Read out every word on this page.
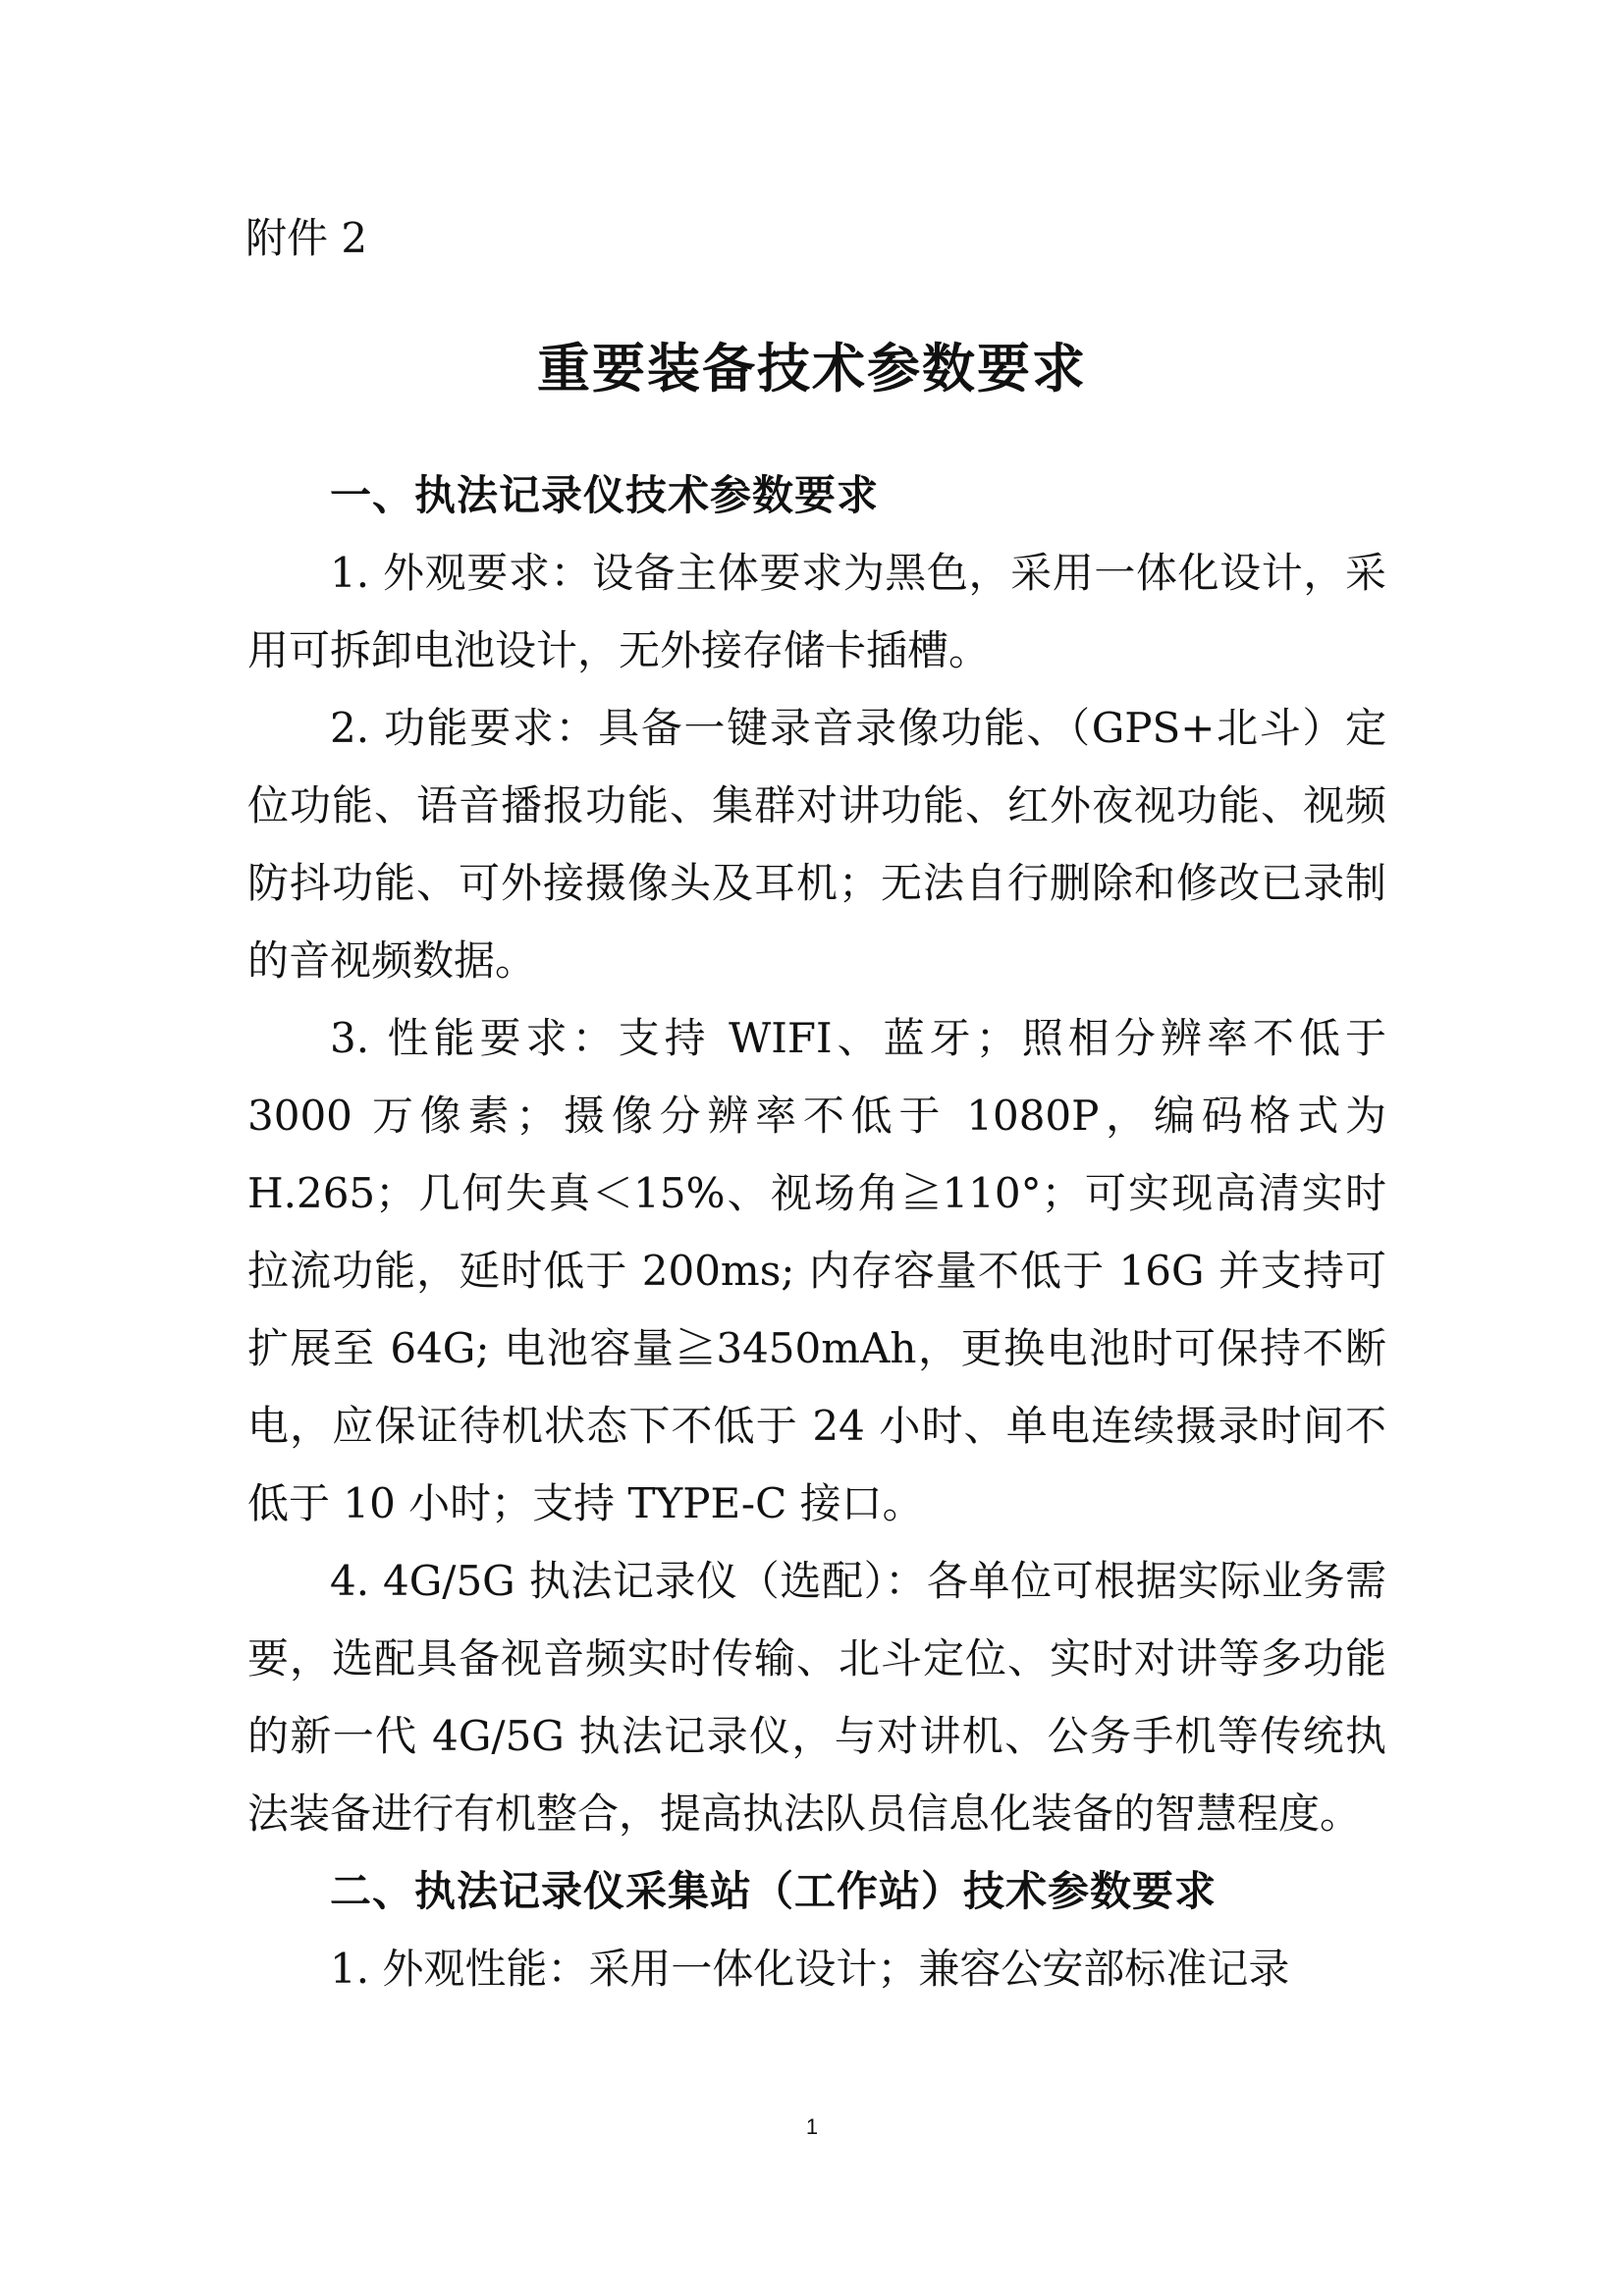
附件 2
重要装备技术参数要求

一、执法记录仪技术参数要求

1. 外观要求：设备主体要求为黑色，采用一体化设计，采用可拆卸电池设计，无外接存储卡插槽。

2. 功能要求：具备一键录音录像功能、（GPS+北斗）定位功能、语音播报功能、集群对讲功能、红外夜视功能、视频防抖功能、可外接摄像头及耳机；无法自行删除和修改已录制的音视频数据。

3. 性能要求：支持 WIFI、蓝牙；照相分辨率不低于 3000 万像素；摄像分辨率不低于 1080P，编码格式为 H.265；几何失真＜15%、视场角≧110°；可实现高清实时拉流功能，延时低于 200ms; 内存容量不低于 16G 并支持可扩展至 64G; 电池容量≧3450mAh，更换电池时可保持不断电，应保证待机状态下不低于 24 小时、单电连续摄录时间不低于 10 小时；支持 TYPE-C 接口。

4. 4G/5G 执法记录仪（选配）：各单位可根据实际业务需要，选配具备视音频实时传输、北斗定位、实时对讲等多功能的新一代 4G/5G 执法记录仪，与对讲机、公务手机等传统执法装备进行有机整合，提高执法队员信息化装备的智慧程度。

二、执法记录仪采集站（工作站）技术参数要求

1. 外观性能：采用一体化设计；兼容公安部标准记录

1
